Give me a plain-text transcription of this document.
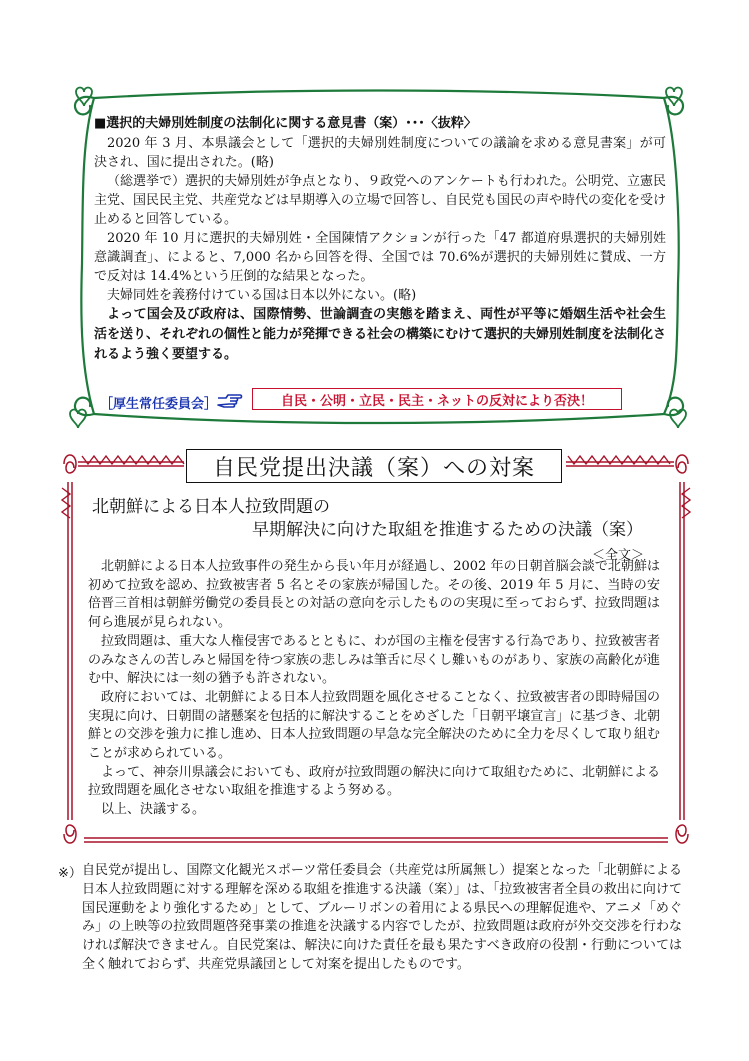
■選択的夫婦別姓制度の法制化に関する意見書（案）･･･〈抜粋〉

2020 年 3 月、本県議会として「選択的夫婦別姓制度についての議論を求める意見書案」が可決され、国に提出された。(略)

（総選挙で）選択的夫婦別姓が争点となり、９政党へのアンケートも行われた。公明党、立憲民主党、国民民主党、共産党などは早期導入の立場で回答し、自民党も国民の声や時代の変化を受け止めると回答している。

2020 年 10 月に選択的夫婦別姓・全国陳情アクションが行った「47 都道府県選択的夫婦別姓意識調査」、によると、7,000 名から回答を得、全国では 70.6%が選択的夫婦別姓に賛成、一方で反対は 14.4%という圧倒的な結果となった。

夫婦同姓を義務付けている国は日本以外にない。(略)

よって国会及び政府は、国際情勢、世論調査の実態を踏まえ、両性が平等に婚姻生活や社会生活を送り、それぞれの個性と能力が発揮できる社会の構築にむけて選択的夫婦別姓制度を法制化されるよう強く要望する。

［厚生常任委員会］	自民・公明・立民・民主・ネットの反対により否決！
自民党提出決議（案）への対案
北朝鮮による日本人拉致問題の
早期解決に向けた取組を推進するための決議（案）
＜全文＞

北朝鮮による日本人拉致事件の発生から長い年月が経過し、2002 年の日朝首脳会談で北朝鮮は初めて拉致を認め、拉致被害者 5 名とその家族が帰国した。その後、2019 年 5 月に、当時の安倍晋三首相は朝鮮労働党の委員長との対話の意向を示したものの実現に至っておらず、拉致問題は何ら進展が見られない。

拉致問題は、重大な人権侵害であるとともに、わが国の主権を侵害する行為であり、拉致被害者のみなさんの苦しみと帰国を待つ家族の悲しみは筆舌に尽くし難いものがあり、家族の高齢化が進む中、解決には一刻の猶予も許されない。

政府においては、北朝鮮による日本人拉致問題を風化させることなく、拉致被害者の即時帰国の実現に向け、日朝間の諸懸案を包括的に解決することをめざした「日朝平壌宣言」に基づき、北朝鮮との交渉を強力に推し進め、日本人拉致問題の早急な完全解決のために全力を尽くして取り組むことが求められている。

よって、神奈川県議会においても、政府が拉致問題の解決に向けて取組むために、北朝鮮による拉致問題を風化させない取組を推進するよう努める。

以上、決議する。

※） 自民党が提出し、国際文化観光スポーツ常任委員会（共産党は所属無し）提案となった「北朝鮮による日本人拉致問題に対する理解を深める取組を推進する決議（案）」は、「拉致被害者全員の救出に向けて国民運動をより強化するため」として、ブルーリボンの着用による県民への理解促進や、アニメ「めぐみ」の上映等の拉致問題啓発事業の推進を決議する内容でしたが、拉致問題は政府が外交交渉を行わなければ解決できません。自民党案は、解決に向けた責任を最も果たすべき政府の役割・行動については全く触れておらず、共産党県議団として対案を提出したものです。
